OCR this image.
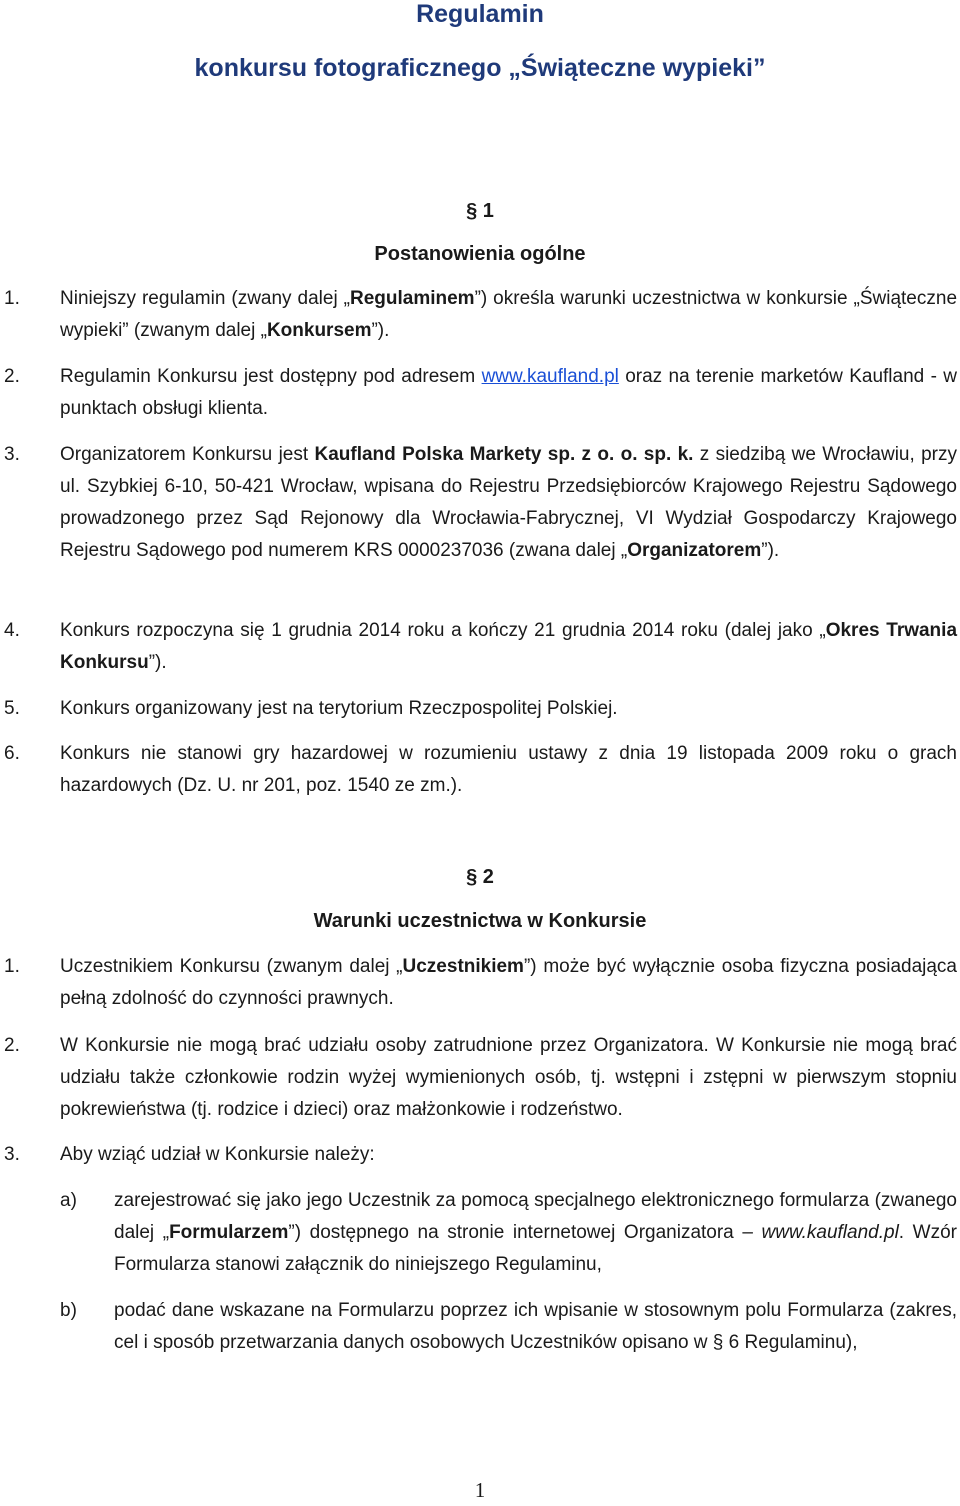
Regulamin
konkursu fotograficznego „Świąteczne wypieki”
§ 1
Postanowienia ogólne
1. Niniejszy regulamin (zwany dalej „Regulaminem”) określa warunki uczestnictwa w konkursie „Świąteczne wypieki” (zwanym dalej „Konkursem”).
2. Regulamin Konkursu jest dostępny pod adresem www.kaufland.pl oraz na terenie marketów Kaufland - w punktach obsługi klienta.
3. Organizatorem Konkursu jest Kaufland Polska Markety sp. z o. o. sp. k. z siedzibą we Wrocławiu, przy ul. Szybkiej 6-10, 50-421 Wrocław, wpisana do Rejestru Przedsiębiorców Krajowego Rejestru Sądowego prowadzonego przez Sąd Rejonowy dla Wrocławia-Fabrycznej, VI Wydział Gospodarczy Krajowego Rejestru Sądowego pod numerem KRS 0000237036 (zwana dalej „Organizatorem”).
4. Konkurs rozpoczyna się 1 grudnia 2014 roku a kończy 21 grudnia 2014 roku (dalej jako „Okres Trwania Konkursu”).
5. Konkurs organizowany jest na terytorium Rzeczpospolitej Polskiej.
6. Konkurs nie stanowi gry hazardowej w rozumieniu ustawy z dnia 19 listopada 2009 roku o grach hazardowych (Dz. U. nr 201, poz. 1540 ze zm.).
§ 2
Warunki uczestnictwa w Konkursie
1. Uczestnikiem Konkursu (zwanym dalej „Uczestnikiem”) może być wyłącznie osoba fizyczna posiadająca pełną zdolność do czynności prawnych.
2. W Konkursie nie mogą brać udziału osoby zatrudnione przez Organizatora. W Konkursie nie mogą brać udziału także członkowie rodzin wyżej wymienionych osób, tj. wstępni i zstępni w pierwszym stopniu pokrewieństwa (tj. rodzice i dzieci) oraz małżonkowie i rodzeństwo.
3. Aby wziąć udział w Konkursie należy:
a) zarejestrować się jako jego Uczestnik za pomocą specjalnego elektronicznego formularza (zwanego dalej „Formularzem”) dostępnego na stronie internetowej Organizatora – www.kaufland.pl. Wzór Formularza stanowi załącznik do niniejszego Regulaminu,
b) podać dane wskazane na Formularzu poprzez ich wpisanie w stosownym polu Formularza (zakres, cel i sposób przetwarzania danych osobowych Uczestników opisano w § 6 Regulaminu),
1
